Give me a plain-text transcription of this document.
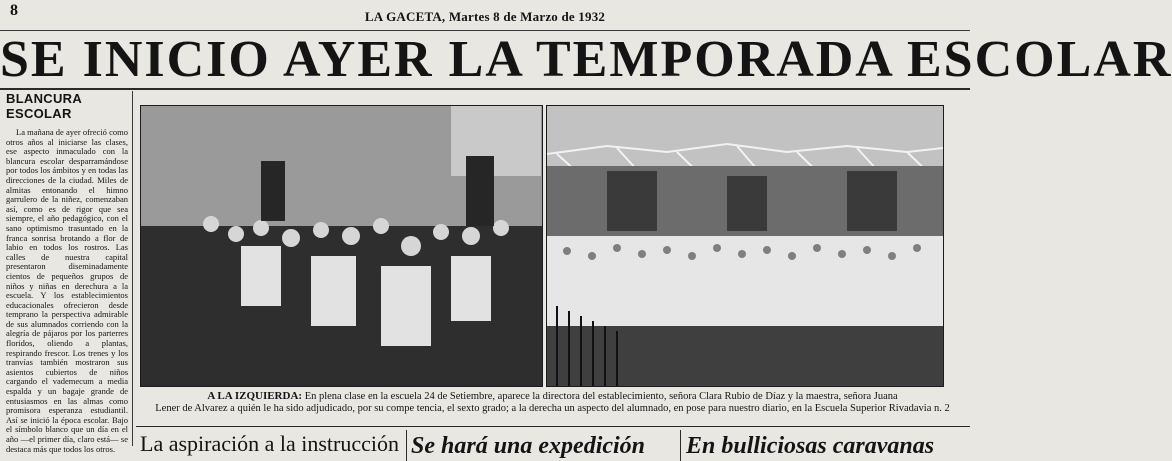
8	LA GACETA, Martes 8 de Marzo de 1932
SE INICIO AYER LA TEMPORADA ESCOLAR
BLANCURA ESCOLAR
La mañana de ayer ofreció como otros años al iniciarse las clases, ese aspecto inmaculado con la blancura escolar desparramándose por todos los ámbitos y en todas las direcciones de la ciudad. Miles de almitas entonando el himno garrulero de la niñez, comenzaban así, como es de rigor que sea siempre, el año pedagógico, con el sano optimismo trasuntado en la franca sonrisa brotando a flor de labio en todos los rostros. Las calles de nuestra capital presentaron diseminadamente cientos de pequeños grupos de niños y niñas en derechura a la escuela. Y los establecimientos educacionales ofrecieron desde temprano la perspectiva admirable de sus alumnados corriendo con la alegría de pájaros por los parterres floridos, oliendo a plantas, respirando frescor. Los trenes y los tranvías también mostraron sus asientos cubiertos de niños cargando el vademecum a media espalda y un bagaje grande de entusiasmos en las almas como promisora esperanza estudiantil. Así se inició la época escolar. Bajo el símbolo blanco que un día en el año —el primer día, claro está— se destaca más que todos los otros.
A LA IZQUIERDA: En plena clase en la escuela 24 de Setiembre, aparece la directora del establecimiento, señora Clara Rubio de Díaz y la maestra, señora Juana
Lener de Alvarez a quién le ha sido adjudicado, por su compe tencia, el sexto grado; a la derecha un aspecto del alumnado, en pose para nuestro diario, en la Escuela Superior Rivadavia n. 2
La aspiración a la instrucción Se hará una expedición En bulliciosas caravanas
